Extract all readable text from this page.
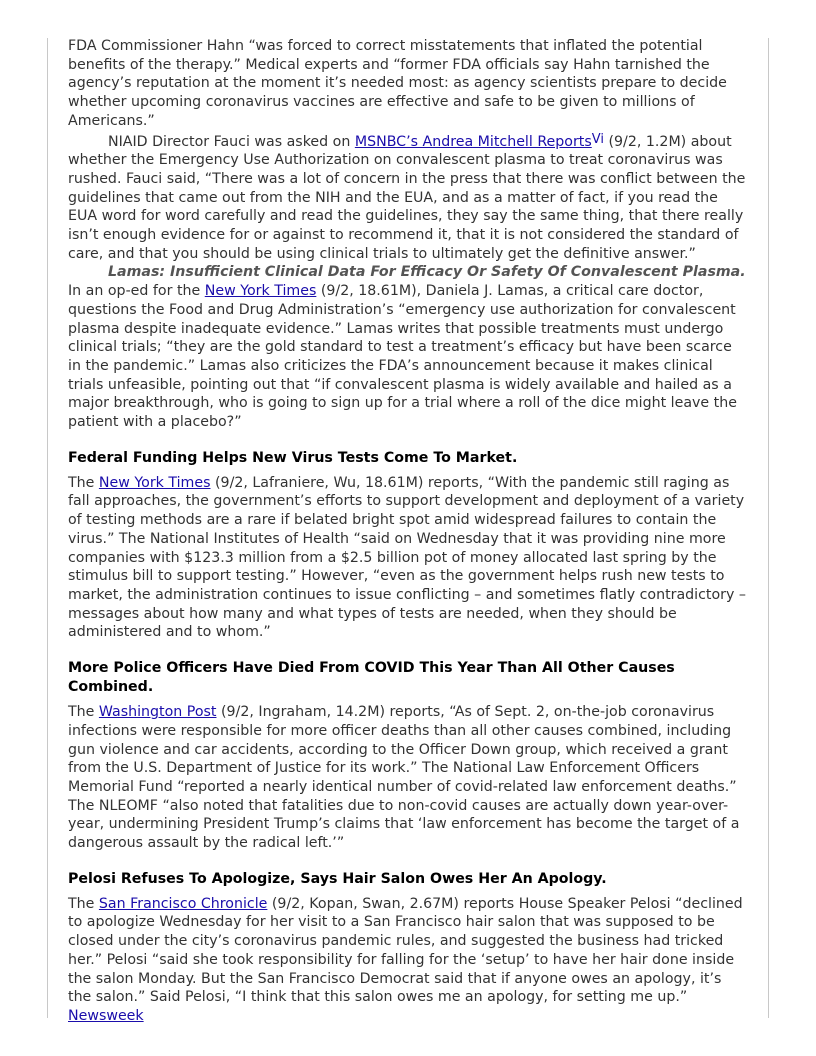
FDA Commissioner Hahn “was forced to correct misstatements that inflated the potential benefits of the therapy.” Medical experts and “former FDA officials say Hahn tarnished the agency’s reputation at the moment it’s needed most: as agency scientists prepare to decide whether upcoming coronavirus vaccines are effective and safe to be given to millions of Americans.”

NIAID Director Fauci was asked on MSNBC’s Andrea Mitchell ReportsVi (9/2, 1.2M) about whether the Emergency Use Authorization on convalescent plasma to treat coronavirus was rushed. Fauci said, “There was a lot of concern in the press that there was conflict between the guidelines that came out from the NIH and the EUA, and as a matter of fact, if you read the EUA word for word carefully and read the guidelines, they say the same thing, that there really isn’t enough evidence for or against to recommend it, that it is not considered the standard of care, and that you should be using clinical trials to ultimately get the definitive answer.”

Lamas: Insufficient Clinical Data For Efficacy Or Safety Of Convalescent Plasma. In an op-ed for the New York Times (9/2, 18.61M), Daniela J. Lamas, a critical care doctor, questions the Food and Drug Administration’s “emergency use authorization for convalescent plasma despite inadequate evidence.” Lamas writes that possible treatments must undergo clinical trials; “they are the gold standard to test a treatment’s efficacy but have been scarce in the pandemic.” Lamas also criticizes the FDA’s announcement because it makes clinical trials unfeasible, pointing out that “if convalescent plasma is widely available and hailed as a major breakthrough, who is going to sign up for a trial where a roll of the dice might leave the patient with a placebo?”

Federal Funding Helps New Virus Tests Come To Market.

The New York Times (9/2, Lafraniere, Wu, 18.61M) reports, “With the pandemic still raging as fall approaches, the government’s efforts to support development and deployment of a variety of testing methods are a rare if belated bright spot amid widespread failures to contain the virus.” The National Institutes of Health “said on Wednesday that it was providing nine more companies with $123.3 million from a $2.5 billion pot of money allocated last spring by the stimulus bill to support testing.” However, “even as the government helps rush new tests to market, the administration continues to issue conflicting – and sometimes flatly contradictory – messages about how many and what types of tests are needed, when they should be administered and to whom.”

More Police Officers Have Died From COVID This Year Than All Other Causes Combined.

The Washington Post (9/2, Ingraham, 14.2M) reports, “As of Sept. 2, on-the-job coronavirus infections were responsible for more officer deaths than all other causes combined, including gun violence and car accidents, according to the Officer Down group, which received a grant from the U.S. Department of Justice for its work.” The National Law Enforcement Officers Memorial Fund “reported a nearly identical number of covid-related law enforcement deaths.” The NLEOMF “also noted that fatalities due to non-covid causes are actually down year-over-year, undermining President Trump’s claims that ‘law enforcement has become the target of a dangerous assault by the radical left.’”

Pelosi Refuses To Apologize, Says Hair Salon Owes Her An Apology.

The San Francisco Chronicle (9/2, Kopan, Swan, 2.67M) reports House Speaker Pelosi “declined to apologize Wednesday for her visit to a San Francisco hair salon that was supposed to be closed under the city’s coronavirus pandemic rules, and suggested the business had tricked her.” Pelosi “said she took responsibility for falling for the ‘setup’ to have her hair done inside the salon Monday. But the San Francisco Democrat said that if anyone owes an apology, it’s the salon.” Said Pelosi, “I think that this salon owes me an apology, for setting me up.” Newsweek
